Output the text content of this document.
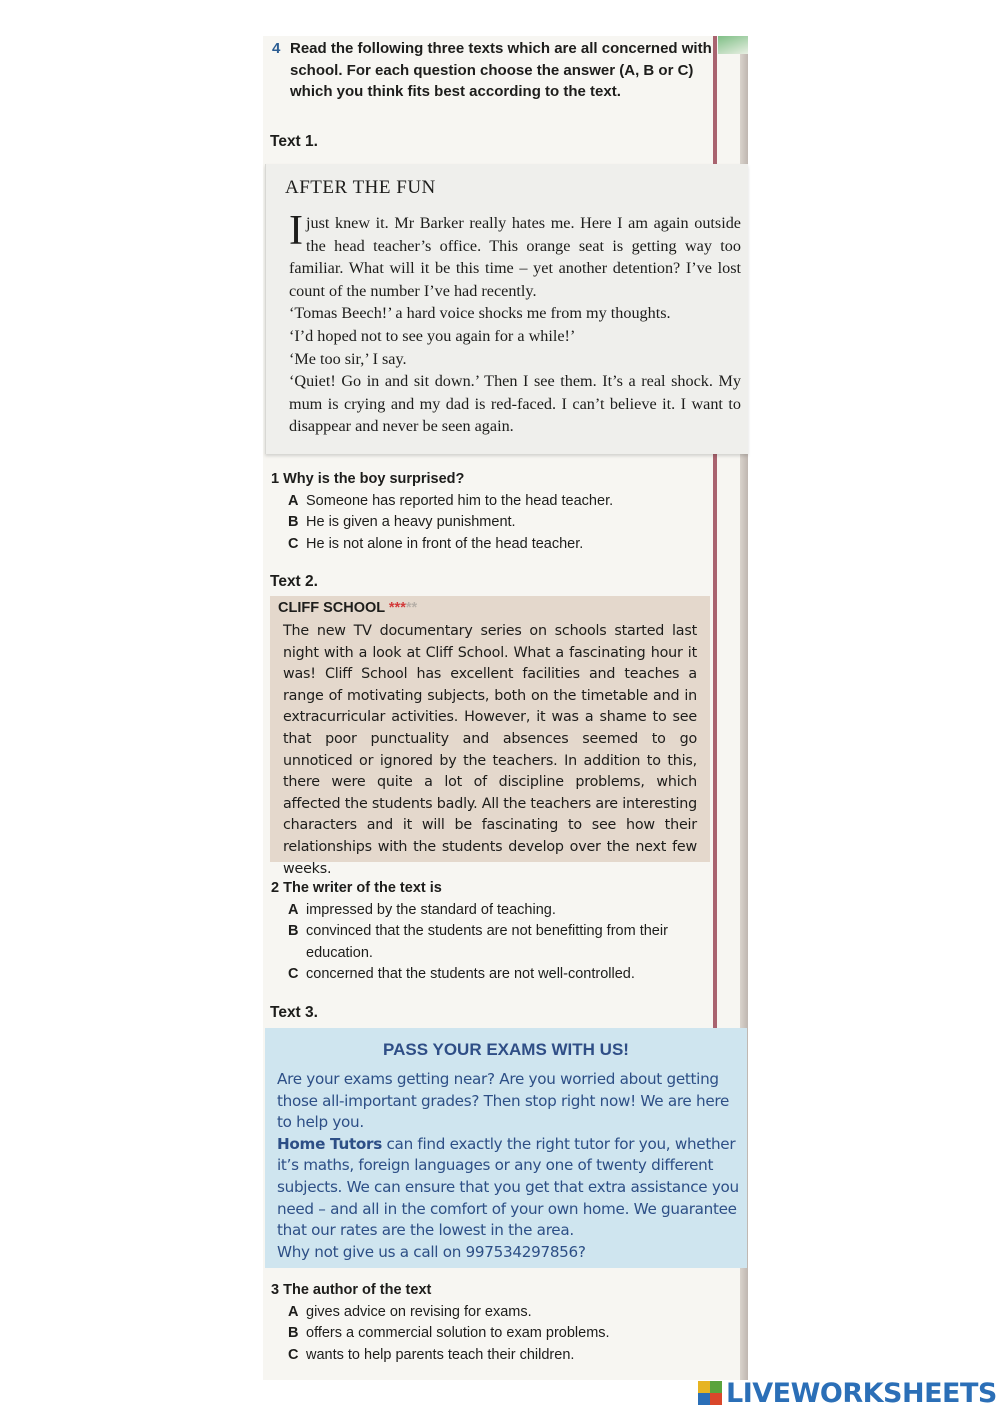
4 Read the following three texts which are all concerned with school. For each question choose the answer (A, B or C) which you think fits best according to the text.
Text 1.
AFTER THE FUN

I just knew it. Mr Barker really hates me. Here I am again outside the head teacher’s office. This orange seat is getting way too familiar. What will it be this time – yet another detention? I’ve lost count of the number I’ve had recently.

‘Tomas Beech!’ a hard voice shocks me from my thoughts.

‘I’d hoped not to see you again for a while!’

‘Me too sir,’ I say.

‘Quiet! Go in and sit down.’ Then I see them. It’s a real shock. My mum is crying and my dad is red-faced. I can’t believe it. I want to disappear and never be seen again.

1 Why is the boy surprised?
A Someone has reported him to the head teacher.
B He is given a heavy punishment.
C He is not alone in front of the head teacher.
Text 2.
CLIFF SCHOOL *****
The new TV documentary series on schools started last night with a look at Cliff School. What a fascinating hour it was! Cliff School has excellent facilities and teaches a range of motivating subjects, both on the timetable and in extracurricular activities. However, it was a shame to see that poor punctuality and absences seemed to go unnoticed or ignored by the teachers. In addition to this, there were quite a lot of discipline problems, which affected the students badly. All the teachers are interesting characters and it will be fascinating to see how their relationships with the students develop over the next few weeks.
2 The writer of the text is
A impressed by the standard of teaching.
B convinced that the students are not benefitting from their education.
C concerned that the students are not well-controlled.
Text 3.
PASS YOUR EXAMS WITH US!

Are your exams getting near? Are you worried about getting those all-important grades? Then stop right now! We are here to help you.

Home Tutors can find exactly the right tutor for you, whether it’s maths, foreign languages or any one of twenty different subjects. We can ensure that you get that extra assistance you need – and all in the comfort of your own home. We guarantee that our rates are the lowest in the area.

Why not give us a call on 997534297856?

3 The author of the text
A gives advice on revising for exams.
B offers a commercial solution to exam problems.
C wants to help parents teach their children.
LIVEWORKSHEETS
